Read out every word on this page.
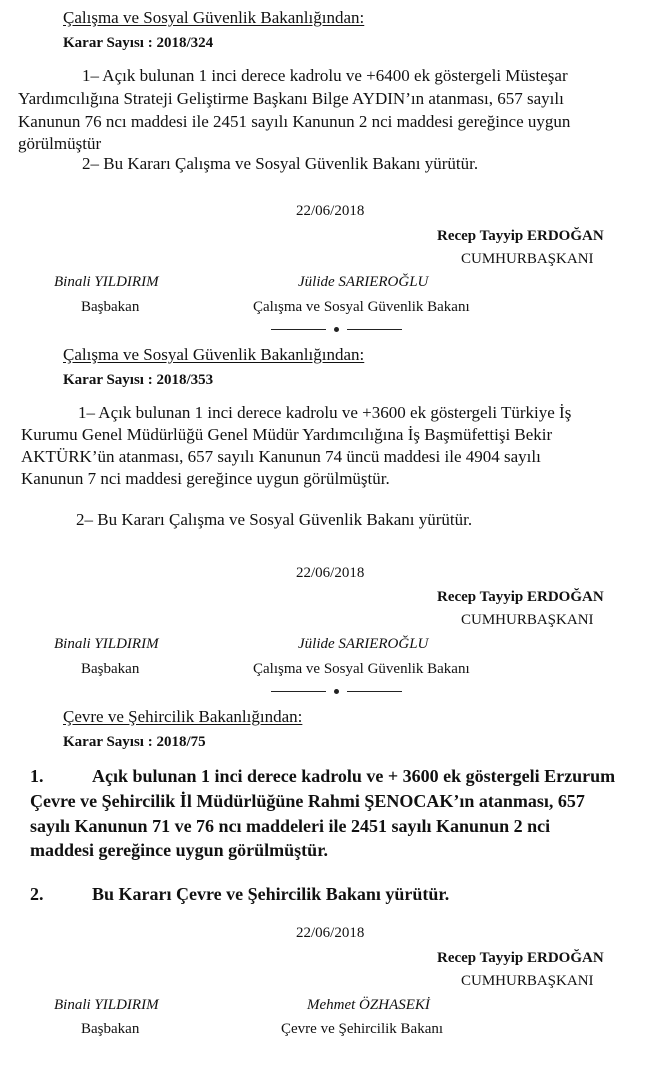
Çalışma ve Sosyal Güvenlik Bakanlığından:
Karar Sayısı : 2018/324
1– Açık bulunan 1 inci derece kadrolu ve +6400 ek göstergeli Müsteşar
Yardımcılığına Strateji Geliştirme Başkanı Bilge AYDIN’ın atanması, 657 sayılı
Kanunun 76 ncı maddesi ile 2451 sayılı Kanunun 2 nci maddesi gereğince uygun
görülmüştür
2– Bu Kararı Çalışma ve Sosyal Güvenlik Bakanı yürütür.
22/06/2018
Recep Tayyip ERDOĞAN
CUMHURBAŞKANI
Binali YILDIRIM
Başbakan
Jülide SARIEROĞLU
Çalışma ve Sosyal Güvenlik Bakanı
Çalışma ve Sosyal Güvenlik Bakanlığından:
Karar Sayısı : 2018/353
1– Açık bulunan 1 inci derece kadrolu ve +3600 ek göstergeli Türkiye İş
Kurumu Genel Müdürlüğü Genel Müdür Yardımcılığına İş Başmüfettişi Bekir
AKTÜRK’ün atanması, 657 sayılı Kanunun 74 üncü maddesi ile 4904 sayılı
Kanunun 7 nci maddesi gereğince uygun görülmüştür.
2– Bu Kararı Çalışma ve Sosyal Güvenlik Bakanı yürütür.
22/06/2018
Recep Tayyip ERDOĞAN
CUMHURBAŞKANI
Binali YILDIRIM
Başbakan
Jülide SARIEROĞLU
Çalışma ve Sosyal Güvenlik Bakanı
Çevre ve Şehircilik Bakanlığından:
Karar Sayısı : 2018/75
1.	Açık bulunan 1 inci derece kadrolu ve + 3600 ek göstergeli Erzurum
Çevre ve Şehircilik İl Müdürlüğüne Rahmi ŞENOCAK’ın atanması, 657
sayılı Kanunun 71 ve 76 ncı maddeleri ile 2451 sayılı Kanunun 2 nci
maddesi gereğince uygun görülmüştür.
2.	Bu Kararı Çevre ve Şehircilik Bakanı yürütür.
22/06/2018
Recep Tayyip ERDOĞAN
CUMHURBAŞKANI
Binali YILDIRIM
Başbakan
Mehmet ÖZHASEKİ
Çevre ve Şehircilik Bakanı
